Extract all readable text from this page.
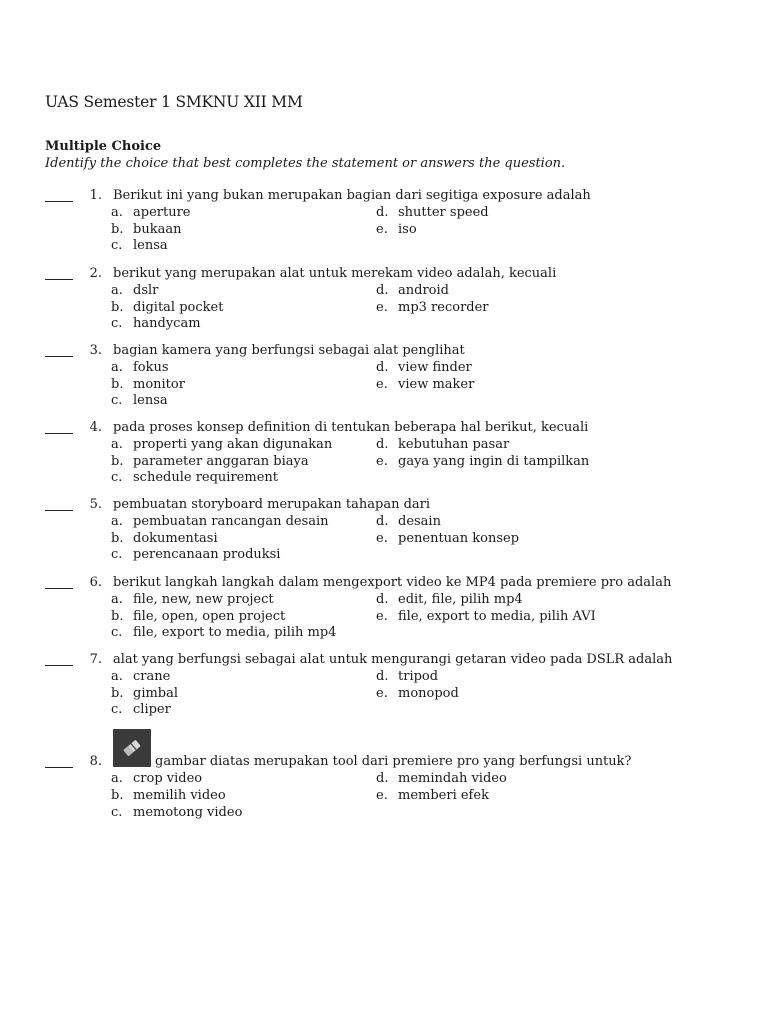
UAS Semester 1 SMKNU XII MM
Multiple Choice
Identify the choice that best completes the statement or answers the question.
1. Berikut ini yang bukan merupakan bagian dari segitiga exposure adalah
a. aperture
b. bukaan
c. lensa
d. shutter speed
e. iso
2. berikut yang merupakan alat untuk merekam video adalah, kecuali
a. dslr
b. digital pocket
c. handycam
d. android
e. mp3 recorder
3. bagian kamera yang berfungsi sebagai alat penglihat
a. fokus
b. monitor
c. lensa
d. view finder
e. view maker
4. pada proses konsep definition di tentukan beberapa hal berikut, kecuali
a. properti yang akan digunakan
b. parameter anggaran biaya
c. schedule requirement
d. kebutuhan pasar
e. gaya yang ingin di tampilkan
5. pembuatan storyboard merupakan tahapan dari
a. pembuatan rancangan desain
b. dokumentasi
c. perencanaan produksi
d. desain
e. penentuan konsep
6. berikut langkah langkah dalam mengexport video ke MP4 pada premiere pro adalah
a. file, new, new project
b. file, open, open project
c. file, export to media, pilih mp4
d. edit, file, pilih mp4
e. file, export to media, pilih AVI
7. alat yang berfungsi sebagai alat untuk mengurangi getaran video pada DSLR adalah
a. crane
b. gimbal
c. cliper
d. tripod
e. monopod
8.	gambar diatas merupakan tool dari premiere pro yang berfungsi untuk?
a. crop video
b. memilih video
c. memotong video
d. memindah video
e. memberi efek
